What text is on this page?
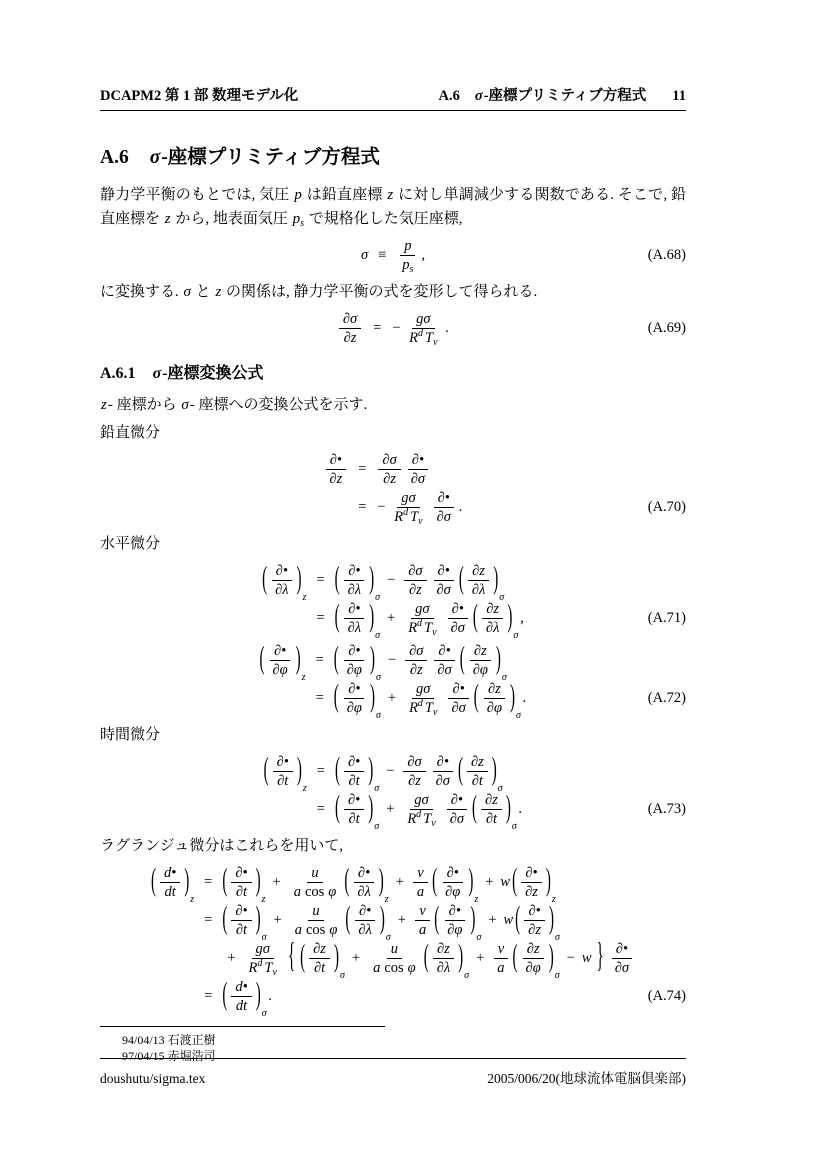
DCAPM2 第 1 部 数理モデル化	A.6 σ-座標プリミティブ方程式 11
A.6 σ-座標プリミティブ方程式

静力学平衡のもとでは, 気圧 p は鉛直座標 z に対し単調減少する関数である. そこで, 鉛直座標を z から, 地表面気圧 $p_s$ で規格化した気圧座標,

$\sigma \equiv \frac{p}{p_s}$ ,	(A.68)

に変換する. σ と z の関係は, 静力学平衡の式を変形して得られる.

$\frac{\partial\sigma}{\partial z}$ = − $\frac{g\sigma}{R^d T_v}$ .	(A.69)
A.6.1 σ-座標変換公式

z- 座標から σ- 座標への変換公式を示す.

鉛直微分

$\frac{\partial•}{\partial z} = \frac{\partial\sigma}{\partial z} \frac{\partial•}{\partial\sigma}$
= − $\frac{g\sigma}{R^d T_v} \frac{\partial•}{\partial\sigma}$ .	(A.70)

水平微分

( $\frac{\partial•}{\partial\lambda}$ )
z
= ( $\frac{\partial•}{\partial\lambda}$ )
σ
− $\frac{\partial\sigma}{\partial z} \frac{\partial•}{\partial\sigma}$ ( $\frac{\partial z}{\partial\lambda}$ )
σ
= ( $\frac{\partial•}{\partial\lambda}$ )
σ
+ $\frac{g\sigma}{R^d T_v} \frac{\partial•}{\partial\sigma}$ ( $\frac{\partial z}{\partial\lambda}$ )
σ
,	(A.71)
( $\frac{\partial•}{\partial\varphi}$ )
z
= ( $\frac{\partial•}{\partial\varphi}$ )
σ
− $\frac{\partial\sigma}{\partial z} \frac{\partial•}{\partial\sigma}$ ( $\frac{\partial z}{\partial\varphi}$ )
σ
= ( $\frac{\partial•}{\partial\varphi}$ )
σ
+ $\frac{g\sigma}{R^d T_v} \frac{\partial•}{\partial\sigma}$ ( $\frac{\partial z}{\partial\varphi}$ )
σ
.	(A.72)

時間微分

( $\frac{\partial•}{\partial t}$ )
z
= ( $\frac{\partial•}{\partial t}$ )
σ
− $\frac{\partial\sigma}{\partial z} \frac{\partial•}{\partial\sigma}$ ( $\frac{\partial z}{\partial t}$ )
σ
= ( $\frac{\partial•}{\partial t}$ )
σ
+ $\frac{g\sigma}{R^d T_v} \frac{\partial•}{\partial\sigma}$ ( $\frac{\partial z}{\partial t}$ )
σ
.	(A.73)

ラグランジュ微分はこれらを用いて,

( $\frac{d•}{dt}$ )
z
= ( $\frac{\partial•}{\partial t}$ )
z
+ $\frac{u}{\text{a cos φ}}$ ( $\frac{\partial•}{\partial\lambda}$ )
z
+ $\frac{v}{a}$ ( $\frac{\partial•}{\partial\varphi}$ )
z
+ w ( $\frac{\partial•}{\partial z}$ )
z
= ( $\frac{\partial•}{\partial t}$ )
σ
+ $\frac{u}{\text{a cos φ}}$ ( $\frac{\partial•}{\partial\lambda}$ )
σ
+ $\frac{v}{a}$ ( $\frac{\partial•}{\partial\varphi}$ )
σ
+ w ( $\frac{\partial•}{\partial z}$ )
σ
+ $\frac{g\sigma}{R^d T_v}$ { ( $\frac{\partial z}{\partial t}$ )
σ
+ $\frac{u}{\text{a cos φ}}$ ( $\frac{\partial z}{\partial\lambda}$ )
σ
+ $\frac{v}{a}$ ( $\frac{\partial z}{\partial\varphi}$ )
σ
− w } $\frac{\partial•}{\partial\sigma}$
= ( $\frac{d•}{dt}$ )
σ
.	(A.74)
94/04/13 石渡正樹
97/04/15 赤堀浩司
doushutu/sigma.tex	2005/006/20(地球流体電脳倶楽部)
